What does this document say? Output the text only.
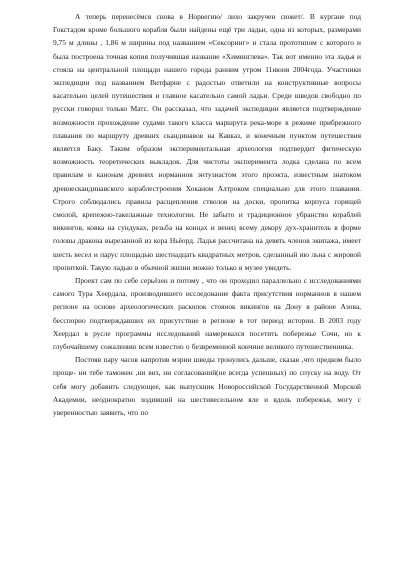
А теперь перенесёмся снова в Норвегию/ лихо закручен сюжет/. В кургане под Гокстадом кроме большого корабля были найдены ещё три ладьи, одна из которых, размерами 9,75 м длины , 1,86 м ширины под названием «Сексорииг» и стала прототипом с которого и была построена точная копия получившая название «Химинглева». Так вот именно эта ладья и стояла на центральной площади нашего города ранним утром 11июня 2004года. Участники экспедиции под названием Витфарне с радостью ответили на конструктивные вопросы касательно целей путешествия и главное касательно самой ладьи. Среди шведов свободно по русски говорил только Матс. Он рассказал, что задачей экспедиции является подтверждение возможности прохождение судами такого класса маршрута река-море в режиме прибрежного плавания по маршруту древних скандинавов на Кавказ, и конечным пунктом путешествия является Баку. Таким образом экспериментальная археология подтвердит фитическую возможность теоретических выкладок. Для чистоты эксперимента лодка сделана по всем правилам и канонам древних норманнов энтузиастом этого проэкта, известным знатоком древнескандинавского кораблестроения Хоканом Алтроком специально для этого плавания. Строго соблюдались правила расщепления стволов на доски, пропитка корпуса горящей смолой, крепежно-такелажные технологии. Не забыто и традиционное убранство кораблей викингов, ковка на сундуках, резьба на концах и венец всему декору дух-хранитель в форме головы дракона вырезанной из кора Ньёорд. Ладья рассчитана на девять членов экипажа, имеет шесть весел и парус площадью шестнадцать квадратных метров, сделанный ию льна с жировой пропиткой. Такую ладью в обычной жизни можно только в музее увидеть.

Проект сам по себе серьёзен и потому , что он проходил параллельно с исследованиями самого Тура Хеердала, производившего исследование факта присутствия норманнов в нашем регионе на основе археологических раскопок стоянок викингов на Дону в районе Азова, бесспорно подтверждавших их присутствие в регионе в тот период истории. В 2003 году Хеердал в русле программы исследований намеревался посетить побережье Сочи, но к глубочайшему сожалению всем известно о безвременной кончине великого путешественника.

Постояв пару часов напротив мэрии шведы тронулись дальше, сказав ,что предком было проще- ни тебе таможен ,ни виз, ни согласований(не всегда успешных) по спуску на воду. От себя могу добавить следующее, как выпускник Новороссийской Государственной Морской Академии, неоднократно ходивший на шестивесельном яле и вдоль побережья, могу с уверенностью заявить, что по
